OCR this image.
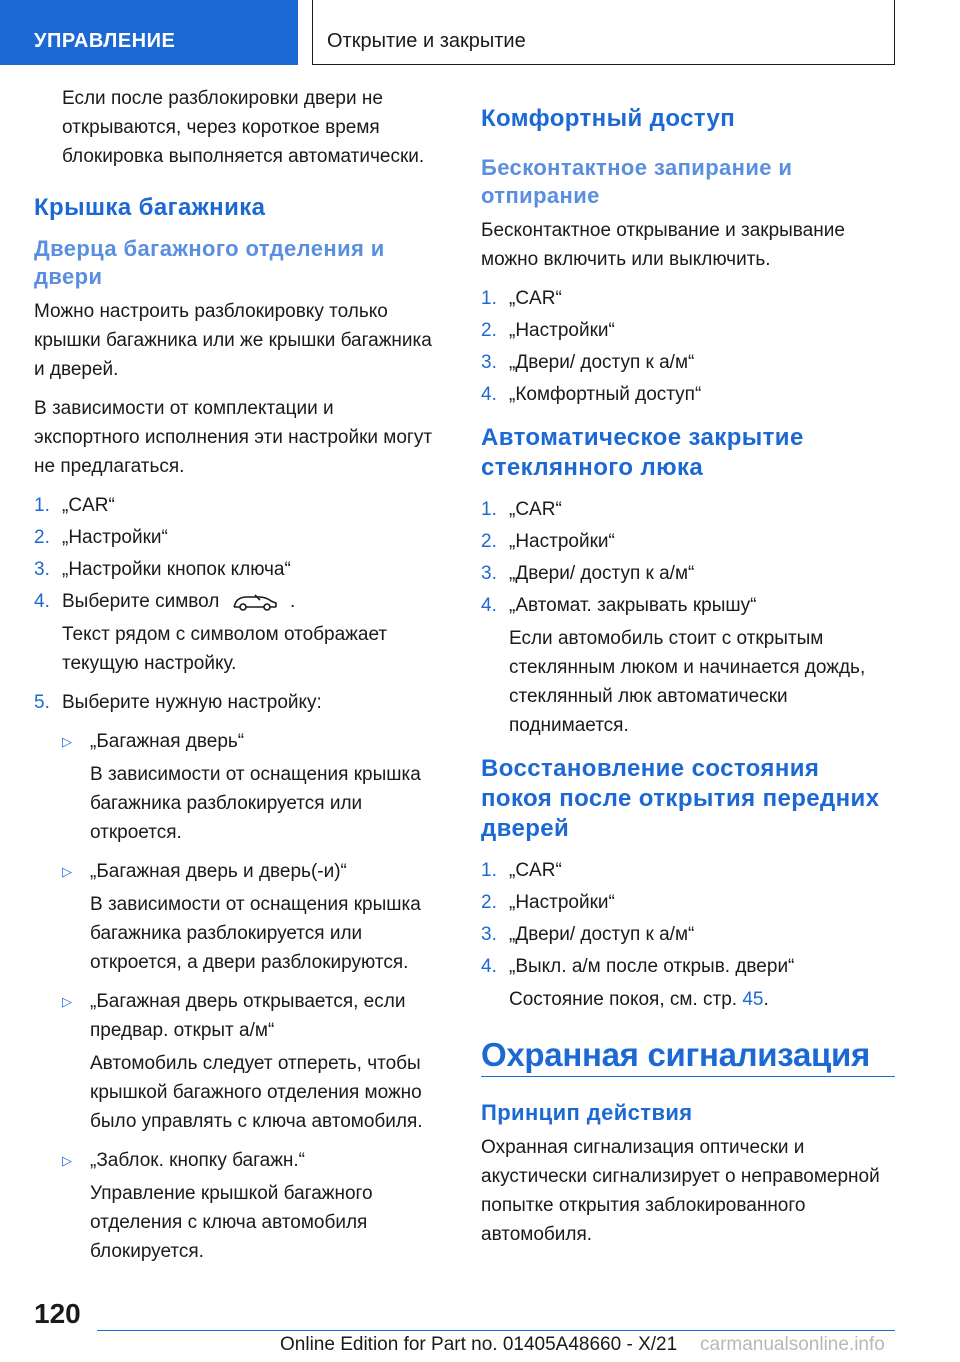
УПРАВЛЕНИЕ	Открытие и закрытие

Если после разблокировки двери не открываются, через короткое время блокировка выполняется автоматически.

Крышка багажника
Дверца багажного отделения и двери

Можно настроить разблокировку только крышки багажника или же крышки багажника и дверей.

В зависимости от комплектации и экспортного исполнения эти настройки могут не предлагаться.

1. „CAR“
2. „Настройки“
3. „Настройки кнопок ключа“
4. Выберите символ	.

Текст рядом с символом отображает текущую настройку.

5. Выберите нужную настройку:
▷ „Багажная дверь“
В зависимости от оснащения крышка багажника разблокируется или откроется.
▷ „Багажная дверь и дверь(-и)“
В зависимости от оснащения крышка багажника разблокируется или откроется, а двери разблокируются.
▷ „Багажная дверь открывается, если предвар. открыт а/м“
Автомобиль следует отпереть, чтобы крышкой багажного отделения можно было управлять с ключа автомобиля.
▷ „Заблок. кнопку багажн.“
Управление крышкой багажного отделения с ключа автомобиля блокируется.
Комфортный доступ
Бесконтактное запирание и отпирание

Бесконтактное открывание и закрывание можно включить или выключить.

1. „CAR“
2. „Настройки“
3. „Двери/ доступ к а/м“
4. „Комфортный доступ“
Автоматическое закрытие стеклянного люка
1. „CAR“
2. „Настройки“
3. „Двери/ доступ к а/м“
4. „Автомат. закрывать крышу“

Если автомобиль стоит с открытым стеклянным люком и начинается дождь, стеклянный люк автоматически поднимается.

Восстановление состояния покоя после открытия передних дверей
1. „CAR“
2. „Настройки“
3. „Двери/ доступ к а/м“
4. „Выкл. а/м после открыв. двери“

Состояние покоя, см. стр. 45.

Охранная сигнализация
Принцип действия

Охранная сигнализация оптически и акустически сигнализирует о неправомерной попытке открытия заблокированного автомобиля.

120
Online Edition for Part no. 01405A48660 - X/21 carmanualsonline.info
